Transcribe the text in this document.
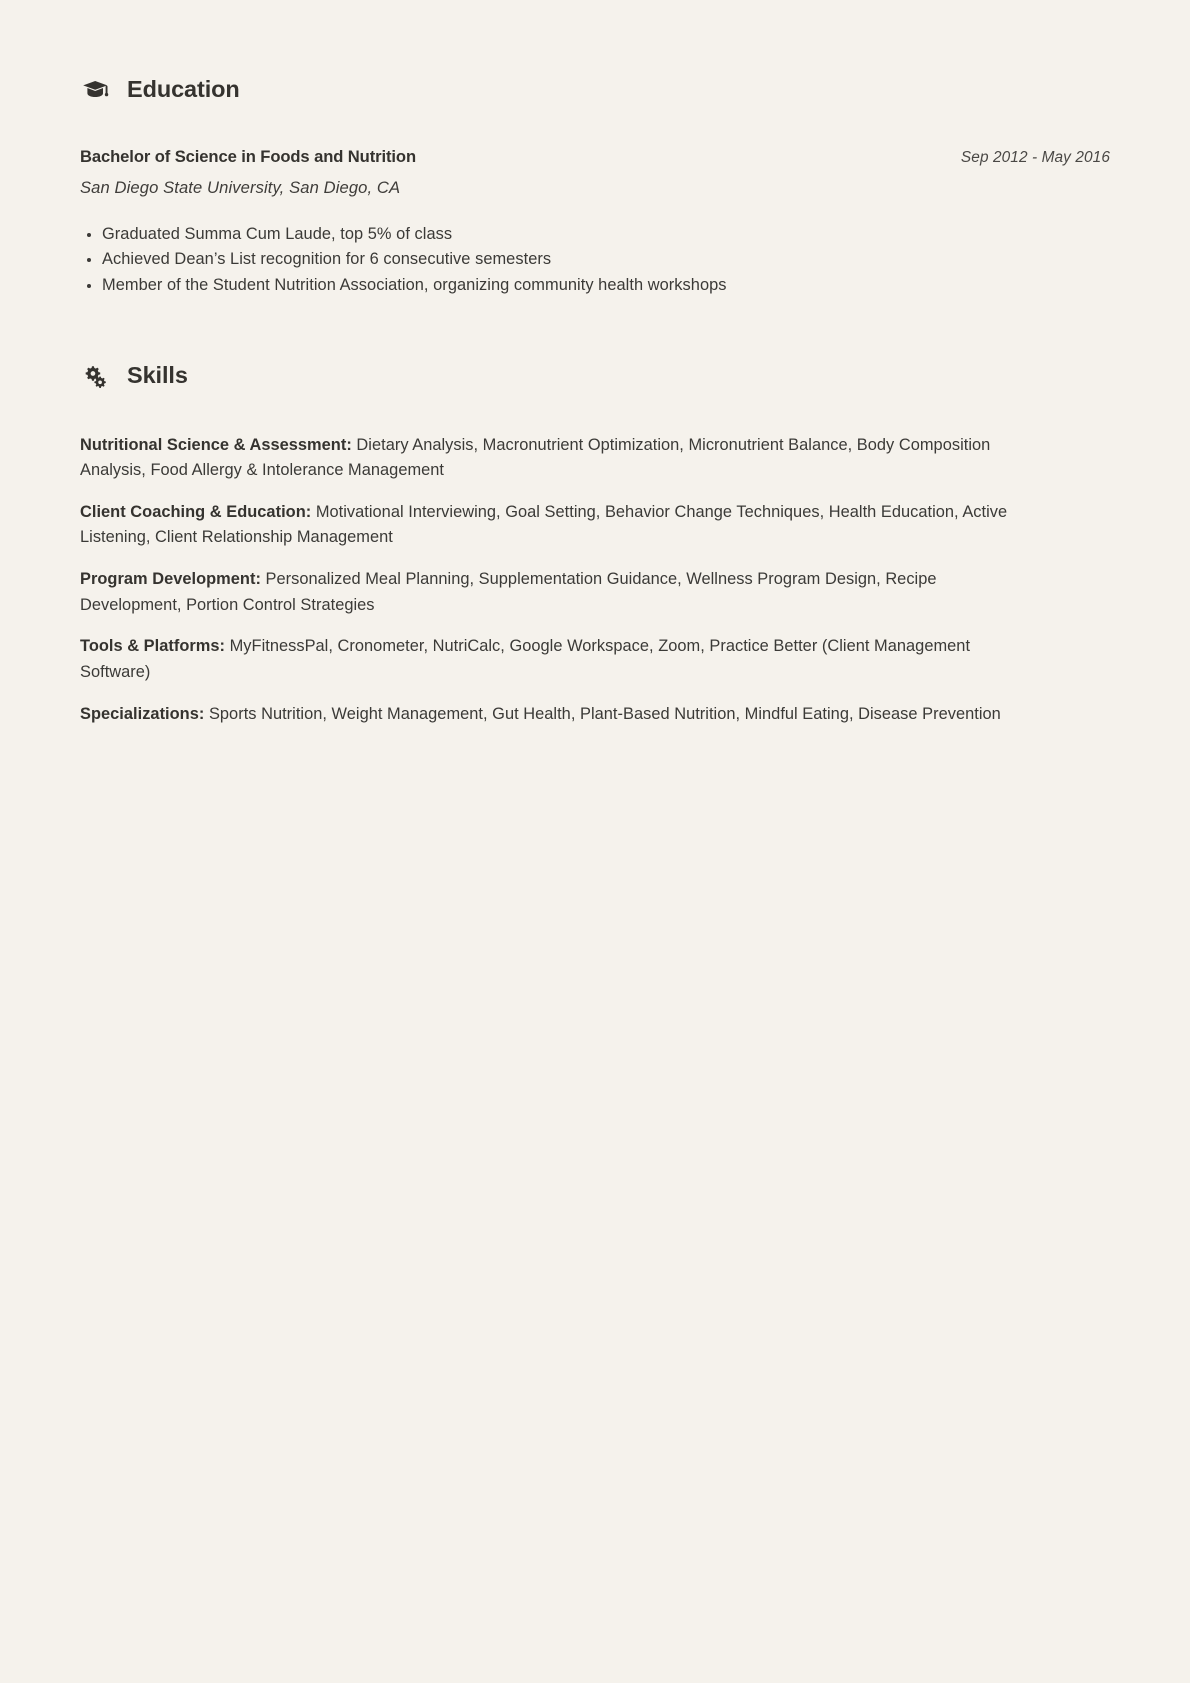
Education
Bachelor of Science in Foods and Nutrition	Sep 2012 - May 2016
San Diego State University, San Diego, CA
Graduated Summa Cum Laude, top 5% of class
Achieved Dean’s List recognition for 6 consecutive semesters
Member of the Student Nutrition Association, organizing community health workshops
Skills

Nutritional Science & Assessment: Dietary Analysis, Macronutrient Optimization, Micronutrient Balance, Body Composition Analysis, Food Allergy & Intolerance Management

Client Coaching & Education: Motivational Interviewing, Goal Setting, Behavior Change Techniques, Health Education, Active Listening, Client Relationship Management

Program Development: Personalized Meal Planning, Supplementation Guidance, Wellness Program Design, Recipe Development, Portion Control Strategies

Tools & Platforms: MyFitnessPal, Cronometer, NutriCalc, Google Workspace, Zoom, Practice Better (Client Management Software)

Specializations: Sports Nutrition, Weight Management, Gut Health, Plant-Based Nutrition, Mindful Eating, Disease Prevention
